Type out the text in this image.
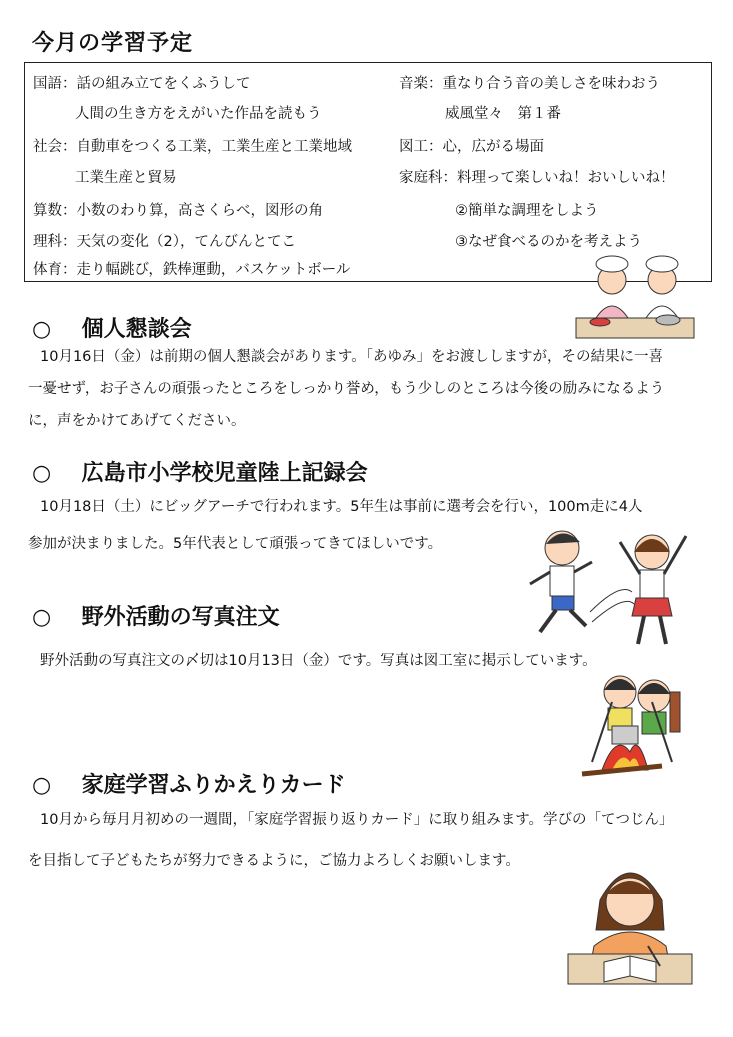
今月の学習予定
国語：話の組み立てをくふうして
人間の生き方をえがいた作品を読もう
社会：自動車をつくる工業，工業生産と工業地域
工業生産と貿易
算数：小数のわり算，高さくらべ，図形の角
理科：天気の変化（2），てんびんとてこ
体育：走り幅跳び，鉄棒運動，バスケットボール
音楽：重なり合う音の美しさを味わおう
威風堂々　第１番
図工：心，広がる場面
家庭科：料理って楽しいね！おいしいね！
②簡単な調理をしよう
③なぜ食べるのかを考えよう
○ 個人懇談会
10月16日（金）は前期の個人懇談会があります。「あゆみ」をお渡ししますが，その結果に一喜
一憂せず，お子さんの頑張ったところをしっかり誉め，もう少しのところは今後の励みになるよう
に，声をかけてあげてください。
○ 広島市小学校児童陸上記録会
10月18日（土）にビッグアーチで行われます。5年生は事前に選考会を行い，100m走に4人
参加が決まりました。5年代表として頑張ってきてほしいです。
○ 野外活動の写真注文
野外活動の写真注文の〆切は10月13日（金）です。写真は図工室に掲示しています。
○ 家庭学習ふりかえりカード
10月から毎月月初めの一週間，「家庭学習振り返りカード」に取り組みます。学びの「てつじん」
を目指して子どもたちが努力できるように，ご協力よろしくお願いします。
